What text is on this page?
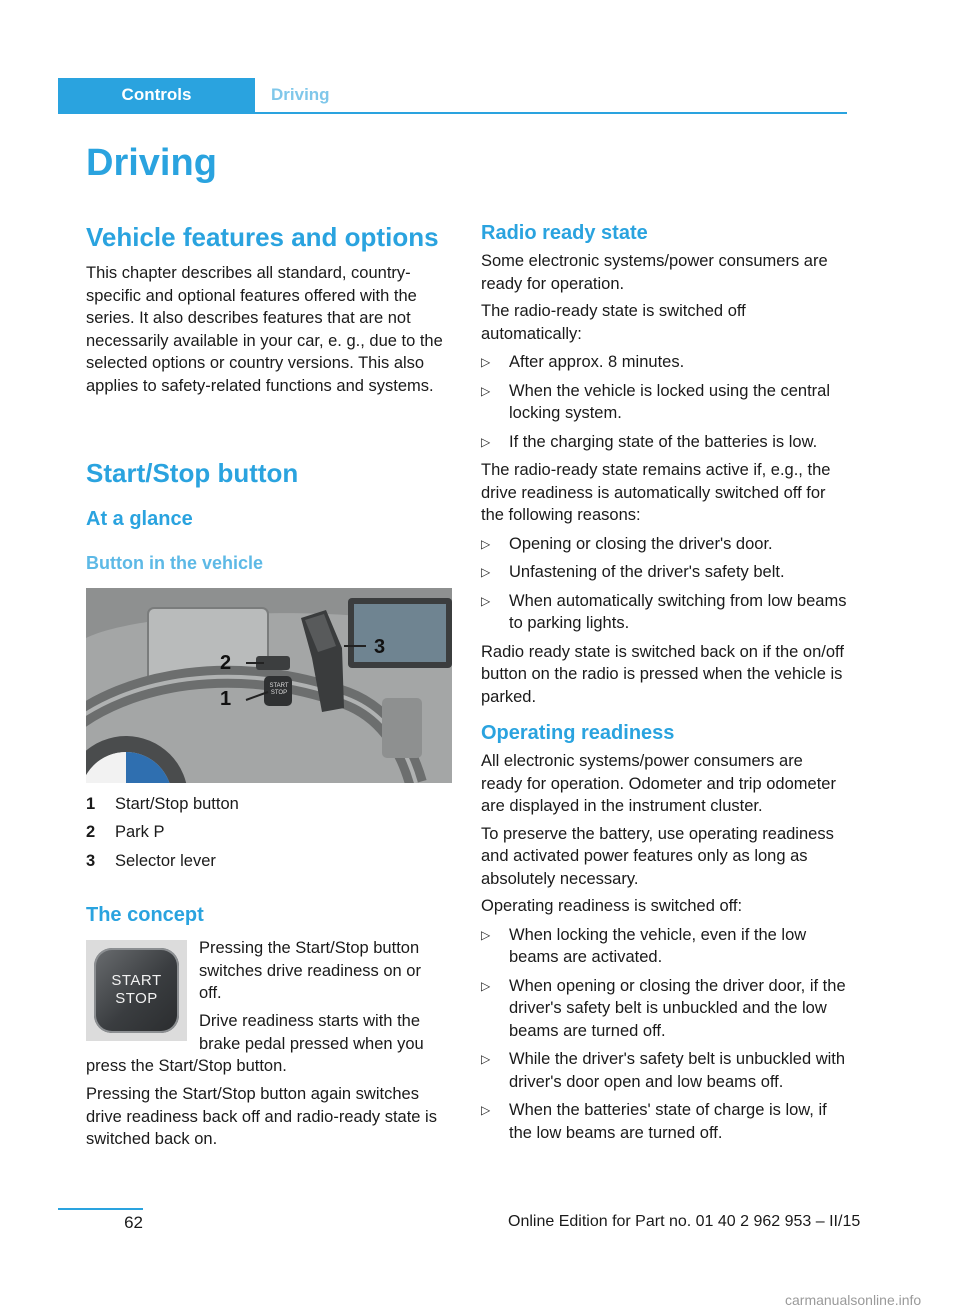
Controls	Driving
Driving
Vehicle features and options

This chapter describes all standard, country-specific and optional features offered with the series. It also describes features that are not necessarily available in your car, e. g., due to the selected options or country versions. This also applies to safety-related functions and systems.

Start/Stop button
At a glance
Button in the vehicle
2
1
3
START STOP
1 Start/Stop button
2 Park P
3 Selector lever
The concept
START
STOP
Pressing the Start/Stop button
switches drive readiness on or
off.
Drive readiness starts with the
brake pedal pressed when you
press the Start/Stop button.

Pressing the Start/Stop button again switches drive readiness back off and radio-ready state is switched back on.

Radio ready state

Some electronic systems/power consumers are ready for operation.

The radio-ready state is switched off automatically:

▷ After approx. 8 minutes.
▷ When the vehicle is locked using the central locking system.
▷ If the charging state of the batteries is low.

The radio-ready state remains active if, e.g., the drive readiness is automatically switched off for the following reasons:

▷ Opening or closing the driver's door.
▷ Unfastening of the driver's safety belt.
▷ When automatically switching from low beams to parking lights.

Radio ready state is switched back on if the on/off button on the radio is pressed when the vehicle is parked.

Operating readiness

All electronic systems/power consumers are ready for operation. Odometer and trip odometer are displayed in the instrument cluster.

To preserve the battery, use operating readiness and activated power features only as long as absolutely necessary.

Operating readiness is switched off:

▷ When locking the vehicle, even if the low beams are activated.
▷ When opening or closing the driver door, if the driver's safety belt is unbuckled and the low beams are turned off.
▷ While the driver's safety belt is unbuckled with driver's door open and low beams off.
▷ When the batteries' state of charge is low, if the low beams are turned off.
62	Online Edition for Part no. 01 40 2 962 953 – II/15
carmanualsonline.info
